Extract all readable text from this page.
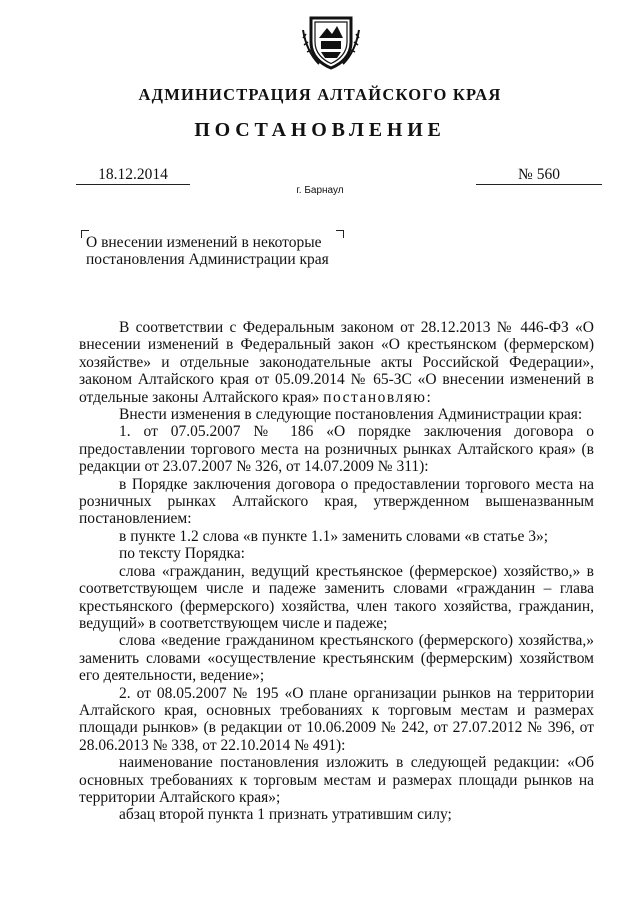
АДМИНИСТРАЦИЯ АЛТАЙСКОГО КРАЯ
ПОСТАНОВЛЕНИЕ
18.12.2014	№ 560
г. Барнаул
О внесении изменений в некоторые
постановления Администрации края

В соответствии с Федеральным законом от 28.12.2013 № 446-ФЗ «О внесении изменений в Федеральный закон «О крестьянском (фермерском) хозяйстве» и отдельные законодательные акты Российской Федерации», законом Алтайского края от 05.09.2014 № 65-ЗС «О внесении изменений в отдельные законы Алтайского края» постановляю:

Внести изменения в следующие постановления Администрации края:

1. от 07.05.2007 № 186 «О порядке заключения договора о предоставлении торгового места на розничных рынках Алтайского края» (в редакции от 23.07.2007 № 326, от 14.07.2009 № 311):

в Порядке заключения договора о предоставлении торгового места на розничных рынках Алтайского края, утвержденном вышеназванным постановлением:

в пункте 1.2 слова «в пункте 1.1» заменить словами «в статье 3»;

по тексту Порядка:

слова «гражданин, ведущий крестьянское (фермерское) хозяйство,» в соответствующем числе и падеже заменить словами «гражданин – глава крестьянского (фермерского) хозяйства, член такого хозяйства, гражданин, ведущий» в соответствующем числе и падеже;

слова «ведение гражданином крестьянского (фермерского) хозяйства,» заменить словами «осуществление крестьянским (фермерским) хозяйством его деятельности, ведение»;

2. от 08.05.2007 № 195 «О плане организации рынков на территории Алтайского края, основных требованиях к торговым местам и размерах площади рынков» (в редакции от 10.06.2009 № 242, от 27.07.2012 № 396, от 28.06.2013 № 338, от 22.10.2014 № 491):

наименование постановления изложить в следующей редакции: «Об основных требованиях к торговым местам и размерах площади рынков на территории Алтайского края»;

абзац второй пункта 1 признать утратившим силу;
